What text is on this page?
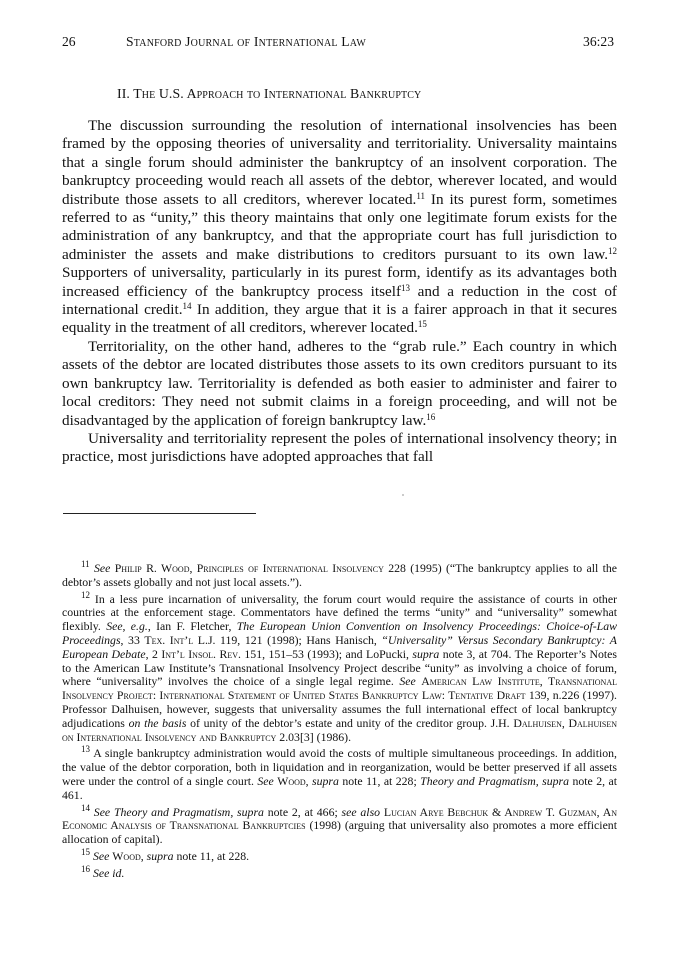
26	Stanford Journal of International Law	36:23
II. The U.S. Approach to International Bankruptcy

The discussion surrounding the resolution of international insolvencies has been framed by the opposing theories of universality and territoriality. Universality maintains that a single forum should administer the bankruptcy of an insolvent corporation. The bankruptcy proceeding would reach all assets of the debtor, wherever located, and would distribute those assets to all creditors, wherever located.$^{11}$ In its purest form, sometimes referred to as “unity,” this theory maintains that only one legitimate forum exists for the administration of any bankruptcy, and that the appropriate court has full jurisdiction to administer the assets and make distributions to creditors pursuant to its own law.$^{12}$ Supporters of universality, particularly in its purest form, identify as its advantages both increased efficiency of the bankruptcy process itself$^{13}$ and a reduction in the cost of international credit.$^{14}$ In addition, they argue that it is a fairer approach in that it secures equality in the treatment of all creditors, wherever located.$^{15}$

Territoriality, on the other hand, adheres to the “grab rule.” Each country in which assets of the debtor are located distributes those assets to its own creditors pursuant to its own bankruptcy law. Territoriality is defended as both easier to administer and fairer to local creditors: They need not submit claims in a foreign proceeding, and will not be disadvantaged by the application of foreign bankruptcy law.$^{16}$

Universality and territoriality represent the poles of international insolvency theory; in practice, most jurisdictions have adopted approaches that fall

$^{11}$ See Philip R. Wood, Principles of International Insolvency 228 (1995) (“The bankruptcy applies to all the debtor’s assets globally and not just local assets.”).

$^{12}$ In a less pure incarnation of universality, the forum court would require the assistance of courts in other countries at the enforcement stage. Commentators have defined the terms “unity” and “universality” somewhat flexibly. See, e.g., Ian F. Fletcher, The European Union Convention on Insolvency Proceedings: Choice-of-Law Proceedings, 33 Tex. Int’l L.J. 119, 121 (1998); Hans Hanisch, “Universality” Versus Secondary Bankruptcy: A European Debate, 2 Int’l Insol. Rev. 151, 151–53 (1993); and LoPucki, supra note 3, at 704. The Reporter’s Notes to the American Law Institute’s Transnational Insolvency Project describe “unity” as involving a choice of forum, where “universality” involves the choice of a single legal regime. See American Law Institute, Transnational Insolvency Project: International Statement of United States Bankruptcy Law: Tentative Draft 139, n.226 (1997). Professor Dalhuisen, however, suggests that universality assumes the full international effect of local bankruptcy adjudications on the basis of unity of the debtor’s estate and unity of the creditor group. J.H. Dalhuisen, Dalhuisen on International Insolvency and Bankruptcy 2.03[3] (1986).

$^{13}$ A single bankruptcy administration would avoid the costs of multiple simultaneous proceedings. In addition, the value of the debtor corporation, both in liquidation and in reorganization, would be better preserved if all assets were under the control of a single court. See Wood, supra note 11, at 228; Theory and Pragmatism, supra note 2, at 461.

$^{14}$ See Theory and Pragmatism, supra note 2, at 466; see also Lucian Arye Bebchuk & Andrew T. Guzman, An Economic Analysis of Transnational Bankruptcies (1998) (arguing that universality also promotes a more efficient allocation of capital).

$^{15}$ See Wood, supra note 11, at 228.

$^{16}$ See id.
